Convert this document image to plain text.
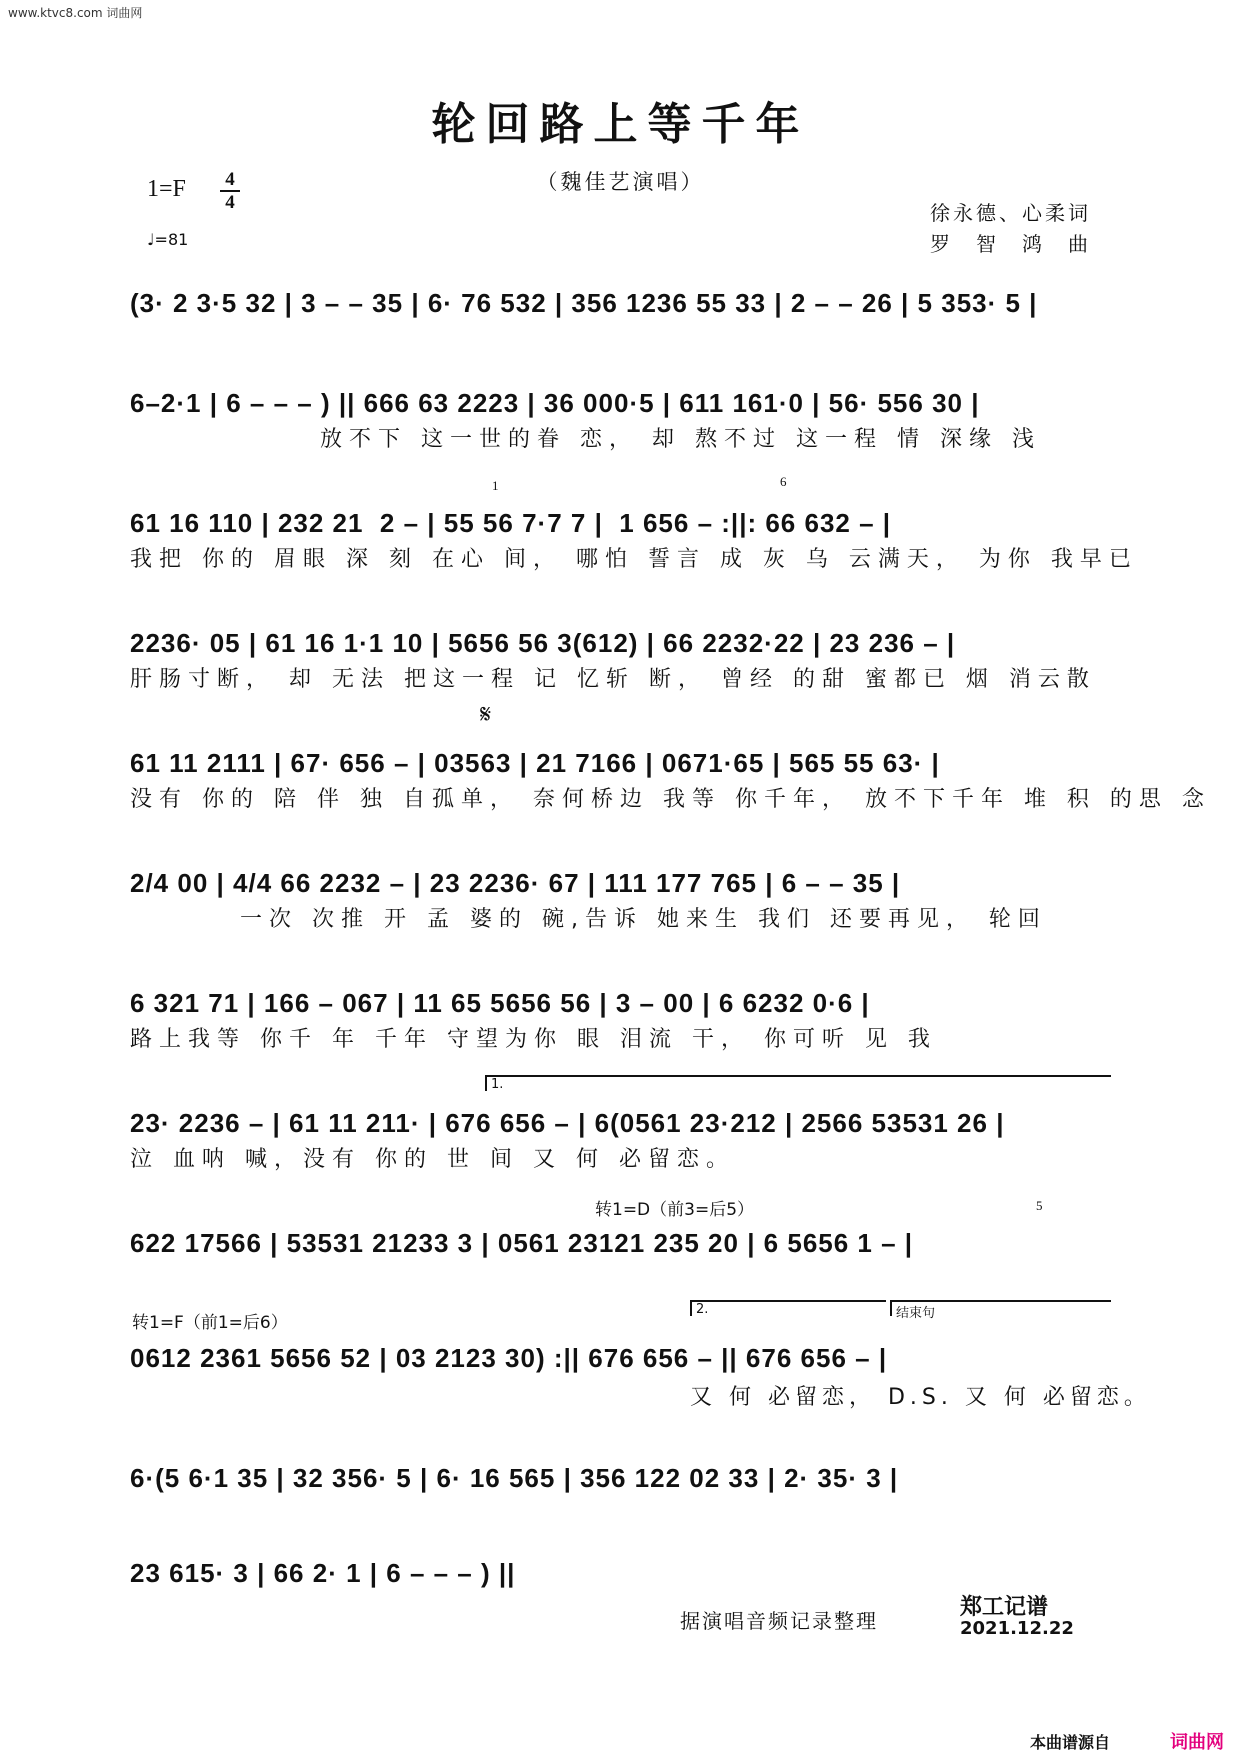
www.ktvc8.com 词曲网
轮回路上等千年
（魏佳艺演唱）
1=F 4
4
♩=81
徐永德、心柔词
罗　智　鸿　曲
(3· 2 3·5 32 | 3 – – 35 | 6· 76 532 | 356 1236 55 33 | 2 – – 26 | 5 353· 5 |
6–2·1 | 6 – – – ) || 666 63 2223 | 36 000·5 | 611 161·0 | 56· 556 30 |
放不下 这一世的眷 恋， 却 熬不过 这一程 情 深缘 浅
61 16 110 | 232 21  2 – | 55 56 7·7 7 |  1 656 – :||: 66 632 – |
我把 你的 眉眼 深 刻 在心 间， 哪怕 誓言 成 灰 乌 云满天， 为你 我早已
2236· 05 | 61 16 1·1 10 | 5656 56 3(612) | 66 2232·22 | 23 236 – |
肝肠寸断， 却 无法 把这一程 记 忆斩 断， 曾经 的甜 蜜都已 烟 消云散
61 11 2111 | 67· 656 – | 03563 | 21 7166 | 0671·65 | 565 55 63· |
没有 你的 陪 伴 独 自孤单， 奈何桥边 我等 你千年， 放不下千年 堆 积 的思 念
2/4 00 | 4/4 66 2232 – | 23 2236· 67 | 111 177 765 | 6 – – 35 |
一次 次推 开 孟 婆的 碗,告诉 她来生 我们 还要再见， 轮回
6 321 71 | 166 – 067 | 11 65 5656 56 | 3 – 00 | 6 6232 0·6 |
路上我等 你千 年 千年 守望为你 眼 泪流 干， 你可听 见 我
23· 2236 – | 61 11 211· | 676 656 – | 6(0561 23·212 | 2566 53531 26 |
泣 血呐 喊，没有 你的 世 间 又 何 必留恋。
622 17566 | 53531 21233 3 | 0561 23121 235 20 | 6 5656 1 – |
0612 2361 5656 52 | 03 2123 30) :|| 676 656 – || 676 656 – |
又 何 必留恋， D.S. 又 何 必留恋。
6·(5 6·1 35 | 32 356· 5 | 6· 16 565 | 356 122 02 33 | 2· 35· 3 |
23 615· 3 | 66 2· 1 | 6 – – – ) ||
𝄋
1	6
5
1.
2.	结束句
转1=D（前3=后5）
转1=F（前1=后6）
据演唱音频记录整理
郑工记谱
2021.12.22
本曲谱源自	词曲网
